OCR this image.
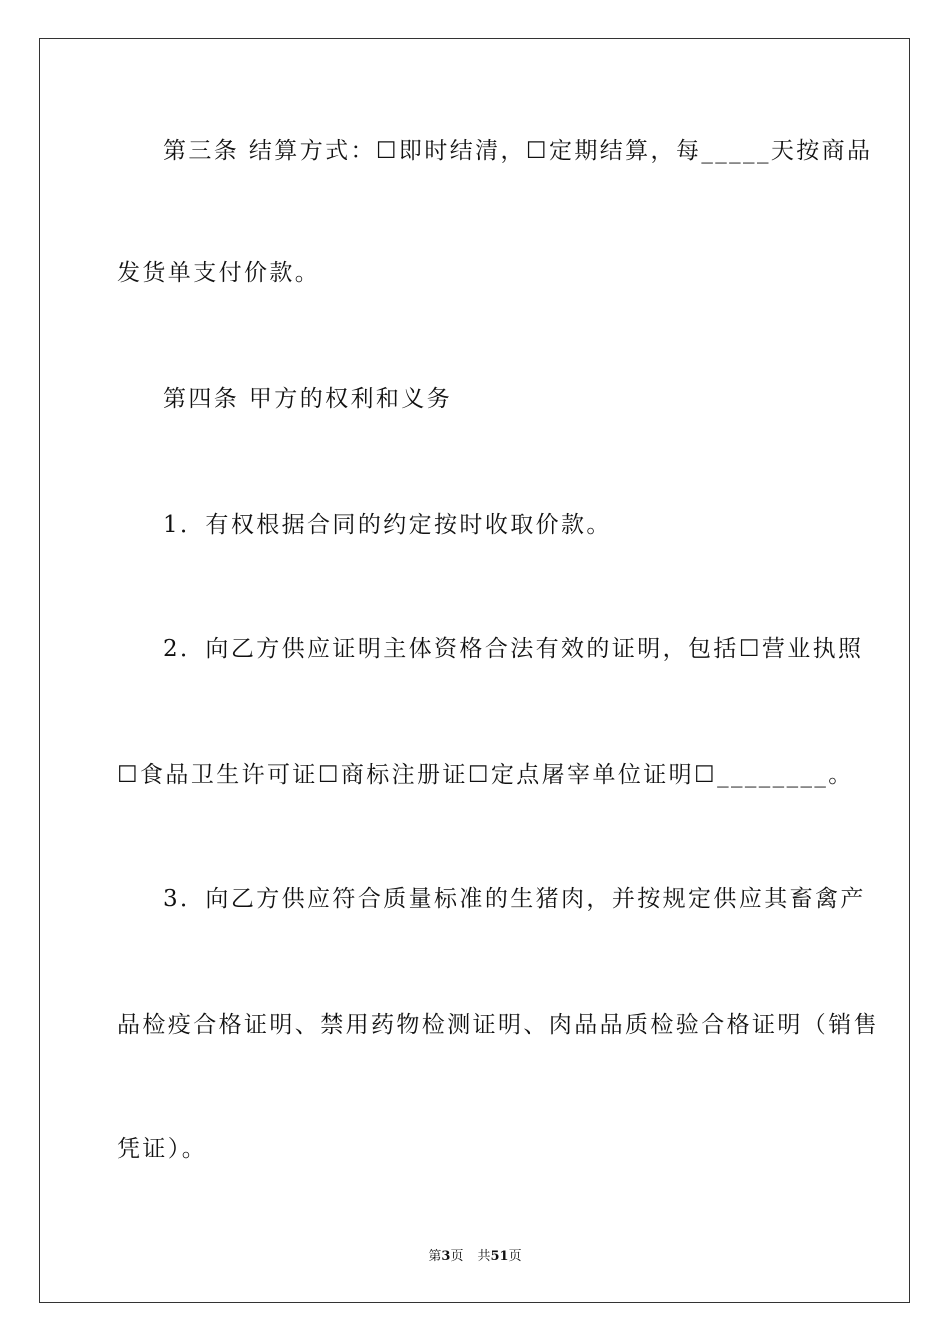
第三条 结算方式：☐即时结清，☐定期结算，每_____天按商品
发货单支付价款。
第四条 甲方的权利和义务
1．有权根据合同的约定按时收取价款。
2．向乙方供应证明主体资格合法有效的证明，包括☐营业执照
☐食品卫生许可证☐商标注册证☐定点屠宰单位证明☐________。
3．向乙方供应符合质量标准的生猪肉，并按规定供应其畜禽产
品检疫合格证明、禁用药物检测证明、肉品品质检验合格证明（销售
凭证）。
第3页 共51页
